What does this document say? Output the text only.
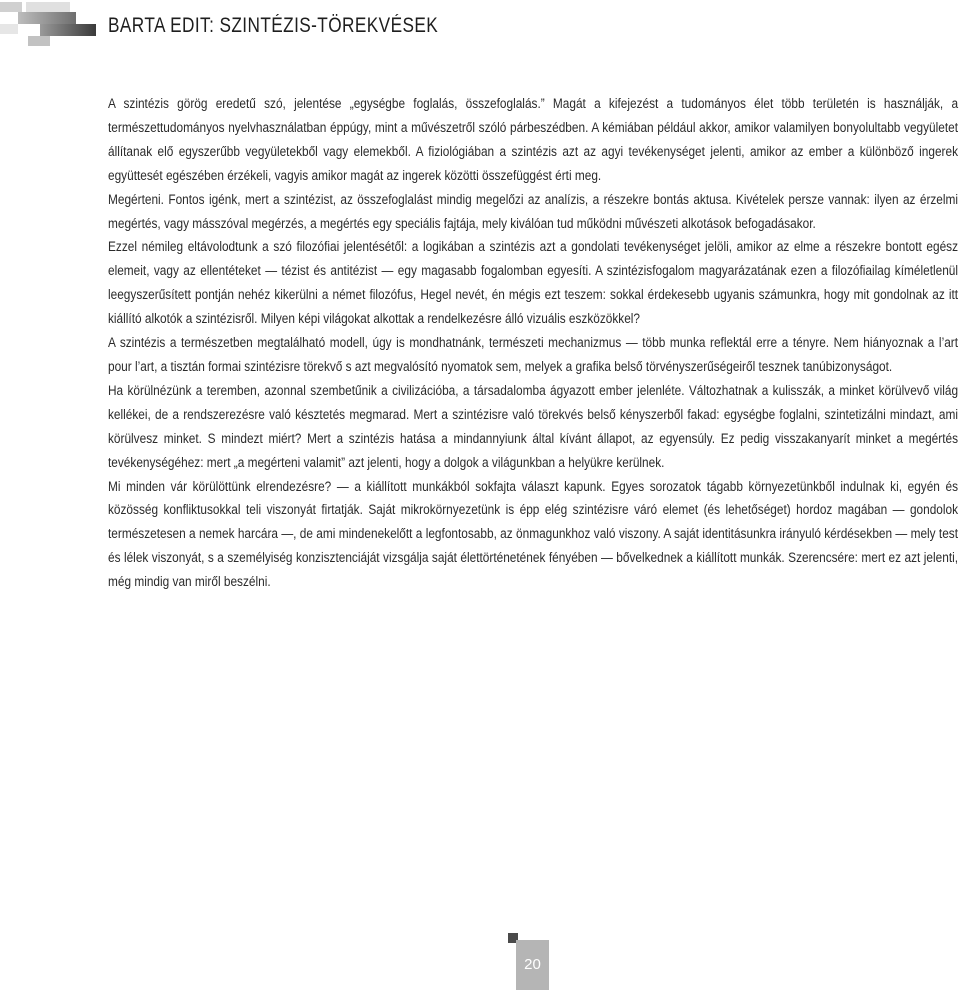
BARTA EDIT: SZINTÉZIS-TÖREKVÉSEK

A szintézis görög eredetű szó, jelentése „egységbe foglalás, összefoglalás.” Magát a kifejezést a tudományos élet több területén is használják, a természettudományos nyelvhasználatban éppúgy, mint a művészetről szóló párbeszédben. A kémiában például akkor, amikor valamilyen bonyolultabb vegyületet állítanak elő egyszerűbb vegyületekből vagy elemekből. A fiziológiában a szintézis azt az agyi tevékenységet jelenti, amikor az ember a különböző ingerek együttesét egészében érzékeli, vagyis amikor magát az ingerek közötti összefüggést érti meg.

Megérteni. Fontos igénk, mert a szintézist, az összefoglalást mindig megelőzi az analízis, a részekre bontás aktusa. Kivételek persze vannak: ilyen az érzelmi megértés, vagy másszóval megérzés, a megértés egy speciális fajtája, mely kiválóan tud működni művészeti alkotások befogadásakor.

Ezzel némileg eltávolodtunk a szó filozófiai jelentésétől: a logikában a szintézis azt a gondolati tevékenységet jelöli, amikor az elme a részekre bontott egész elemeit, vagy az ellentéteket — tézist és antitézist — egy magasabb fogalomban egyesíti. A szintézisfogalom magyarázatának ezen a filozófiailag kíméletlenül leegyszerűsített pontján nehéz kikerülni a német filozófus, Hegel nevét, én mégis ezt teszem: sokkal érdekesebb ugyanis számunkra, hogy mit gondolnak az itt kiállító alkotók a szintézisről. Milyen képi világokat alkottak a rendelkezésre álló vizuális eszközökkel?

A szintézis a természetben megtalálható modell, úgy is mondhatnánk, természeti mechanizmus — több munka reflektál erre a tényre. Nem hiányoznak a l’art pour l’art, a tisztán formai szintézisre törekvő s azt megvalósító nyomatok sem, melyek a grafika belső törvényszerűségeiről tesznek tanúbizonyságot.

Ha körülnézünk a teremben, azonnal szembetűnik a civilizációba, a társadalomba ágyazott ember jelenléte. Változhatnak a kulisszák, a minket körülvevő világ kellékei, de a rendszerezésre való késztetés megmarad. Mert a szintézisre való törekvés belső kényszerből fakad: egységbe foglalni, szintetizálni mindazt, ami körülvesz minket. S mindezt miért? Mert a szintézis hatása a mindannyiunk által kívánt állapot, az egyensúly. Ez pedig visszakanyarít minket a megértés tevékenységéhez: mert „a megérteni valamit” azt jelenti, hogy a dolgok a világunkban a helyükre kerülnek.

Mi minden vár körülöttünk elrendezésre? — a kiállított munkákból sokfajta választ kapunk. Egyes sorozatok tágabb környezetünkből indulnak ki, egyén és közösség konfliktusokkal teli viszonyát firtatják. Saját mikrokörnyezetünk is épp elég szintézisre váró elemet (és lehetőséget) hordoz magában — gondolok természetesen a nemek harcára —, de ami mindenekelőtt a legfontosabb, az önmagunkhoz való viszony. A saját identitásunkra irányuló kérdésekben — mely test és lélek viszonyát, s a személyiség konzisztenciáját vizsgálja saját élettörténetének fényében — bővelkednek a kiállított munkák. Szerencsére: mert ez azt jelenti, még mindig van miről beszélni.

20
